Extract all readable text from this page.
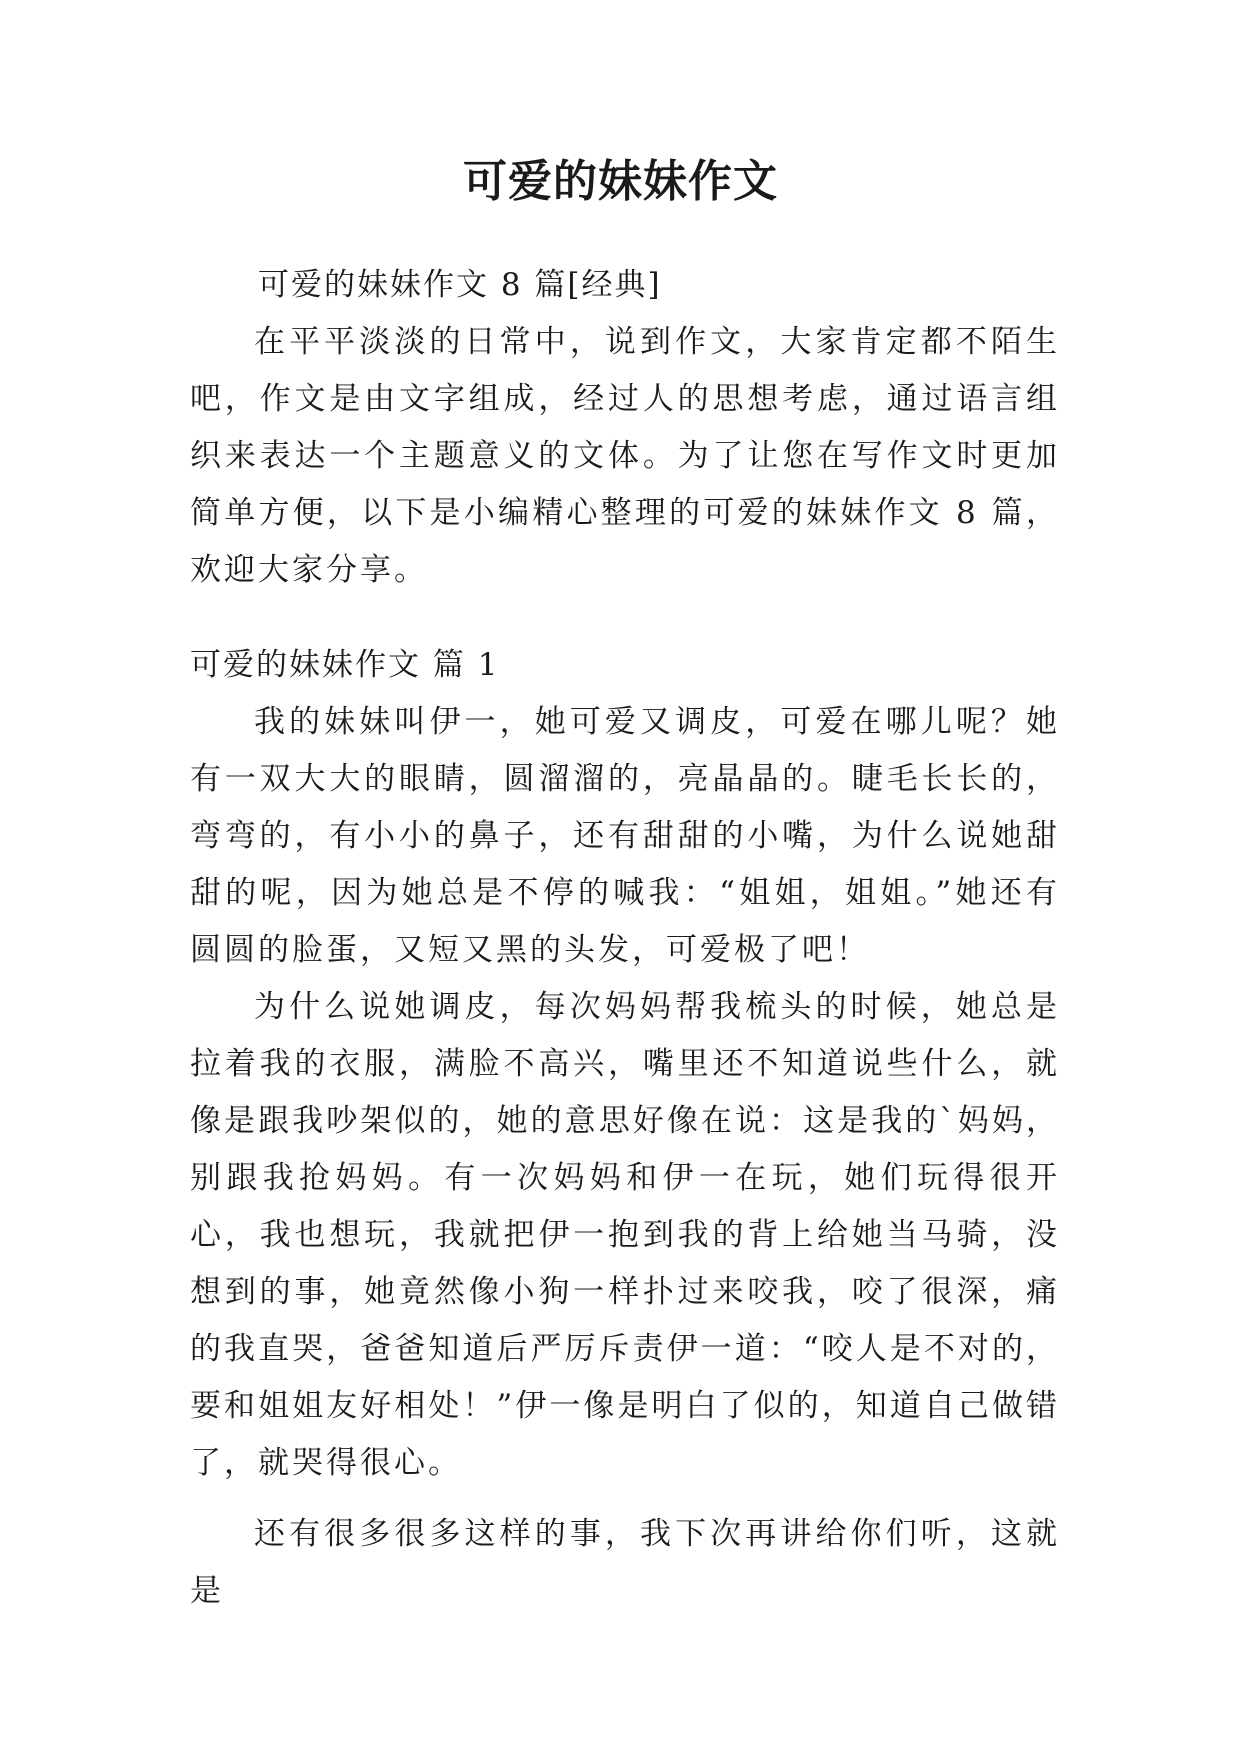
可爱的妹妹作文
可爱的妹妹作文 8 篇[经典]

在平平淡淡的日常中，说到作文，大家肯定都不陌生吧，作文是由文字组成，经过人的思想考虑，通过语言组织来表达一个主题意义的文体。为了让您在写作文时更加简单方便，以下是小编精心整理的可爱的妹妹作文 8 篇，欢迎大家分享。

可爱的妹妹作文 篇 1

我的妹妹叫伊一，她可爱又调皮，可爱在哪儿呢？她有一双大大的眼睛，圆溜溜的，亮晶晶的。睫毛长长的，弯弯的，有小小的鼻子，还有甜甜的小嘴，为什么说她甜甜的呢，因为她总是不停的喊我：“姐姐，姐姐。”她还有圆圆的脸蛋，又短又黑的头发，可爱极了吧！

为什么说她调皮，每次妈妈帮我梳头的时候，她总是拉着我的衣服，满脸不高兴，嘴里还不知道说些什么，就像是跟我吵架似的，她的意思好像在说：这是我的`妈妈，别跟我抢妈妈。有一次妈妈和伊一在玩，她们玩得很开心，我也想玩，我就把伊一抱到我的背上给她当马骑，没想到的事，她竟然像小狗一样扑过来咬我，咬了很深，痛的我直哭，爸爸知道后严厉斥责伊一道：“咬人是不对的，要和姐姐友好相处！”伊一像是明白了似的，知道自己做错了，就哭得很心。

还有很多很多这样的事，我下次再讲给你们听，这就是
